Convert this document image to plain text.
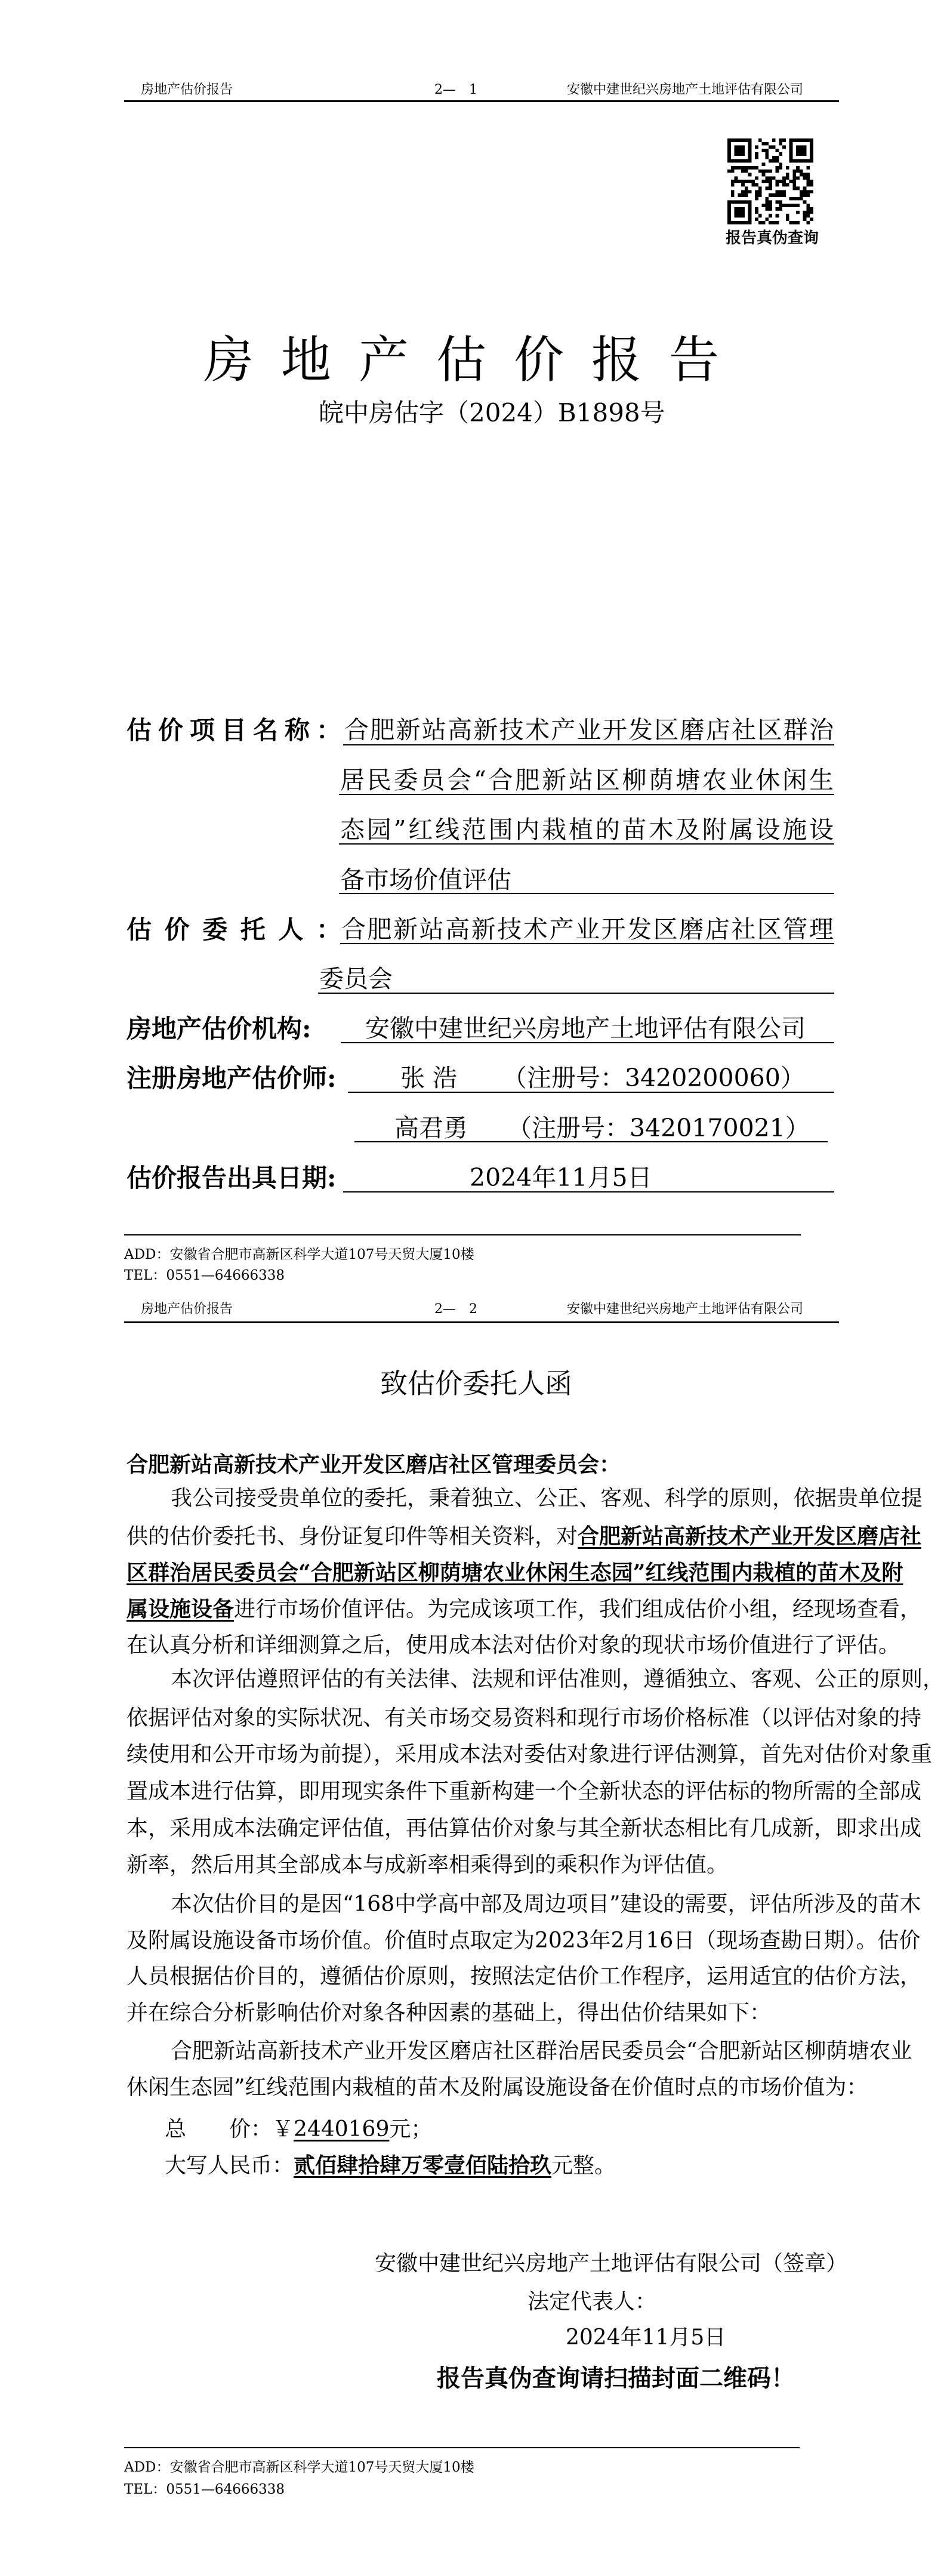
房地产估价报告	2—　1	安徽中建世纪兴房地产土地评估有限公司
报告真伪查询
房地产估价报告
皖中房估字（2024）B1898号
估价项目名称： 合肥新站高新技术产业开发区磨店社区群治
居民委员会“合肥新站区柳荫塘农业休闲生
态园”红线范围内栽植的苗木及附属设施设
备市场价值评估
估 价 委 托 人 ： 合肥新站高新技术产业开发区磨店社区管理
委员会
房地产估价机构: 安徽中建世纪兴房地产土地评估有限公司
注册房地产估价师:	张 浩 （注册号：3420200060）
高君勇 （注册号：3420170021）
估价报告出具日期:	2024年11月5日
ADD：安徽省合肥市高新区科学大道107号天贸大厦10楼
TEL：0551—64666338
房地产估价报告	2—　2	安徽中建世纪兴房地产土地评估有限公司
致估价委托人函
合肥新站高新技术产业开发区磨店社区管理委员会：
我公司接受贵单位的委托，秉着独立、公正、客观、科学的原则，依据贵单位提
供的估价委托书、身份证复印件等相关资料，对合肥新站高新技术产业开发区磨店社
区群治居民委员会“合肥新站区柳荫塘农业休闲生态园”红线范围内栽植的苗木及附
属设施设备进行市场价值评估。为完成该项工作，我们组成估价小组，经现场查看，
在认真分析和详细测算之后，使用成本法对估价对象的现状市场价值进行了评估。
本次评估遵照评估的有关法律、法规和评估准则，遵循独立、客观、公正的原则，
依据评估对象的实际状况、有关市场交易资料和现行市场价格标准（以评估对象的持
续使用和公开市场为前提），采用成本法对委估对象进行评估测算，首先对估价对象重
置成本进行估算，即用现实条件下重新构建一个全新状态的评估标的物所需的全部成
本，采用成本法确定评估值，再估算估价对象与其全新状态相比有几成新，即求出成
新率，然后用其全部成本与成新率相乘得到的乘积作为评估值。
本次估价目的是因“168中学高中部及周边项目”建设的需要，评估所涉及的苗木
及附属设施设备市场价值。价值时点取定为2023年2月16日（现场查勘日期）。估价
人员根据估价目的，遵循估价原则，按照法定估价工作程序，运用适宜的估价方法，
并在综合分析影响估价对象各种因素的基础上，得出估价结果如下：
合肥新站高新技术产业开发区磨店社区群治居民委员会“合肥新站区柳荫塘农业
休闲生态园”红线范围内栽植的苗木及附属设施设备在价值时点的市场价值为：
总 价：￥2440169元；
大写人民币：贰佰肆拾肆万零壹佰陆拾玖元整。
安徽中建世纪兴房地产土地评估有限公司（签章）
法定代表人：
2024年11月5日
报告真伪查询请扫描封面二维码！
ADD：安徽省合肥市高新区科学大道107号天贸大厦10楼
TEL：0551—64666338
